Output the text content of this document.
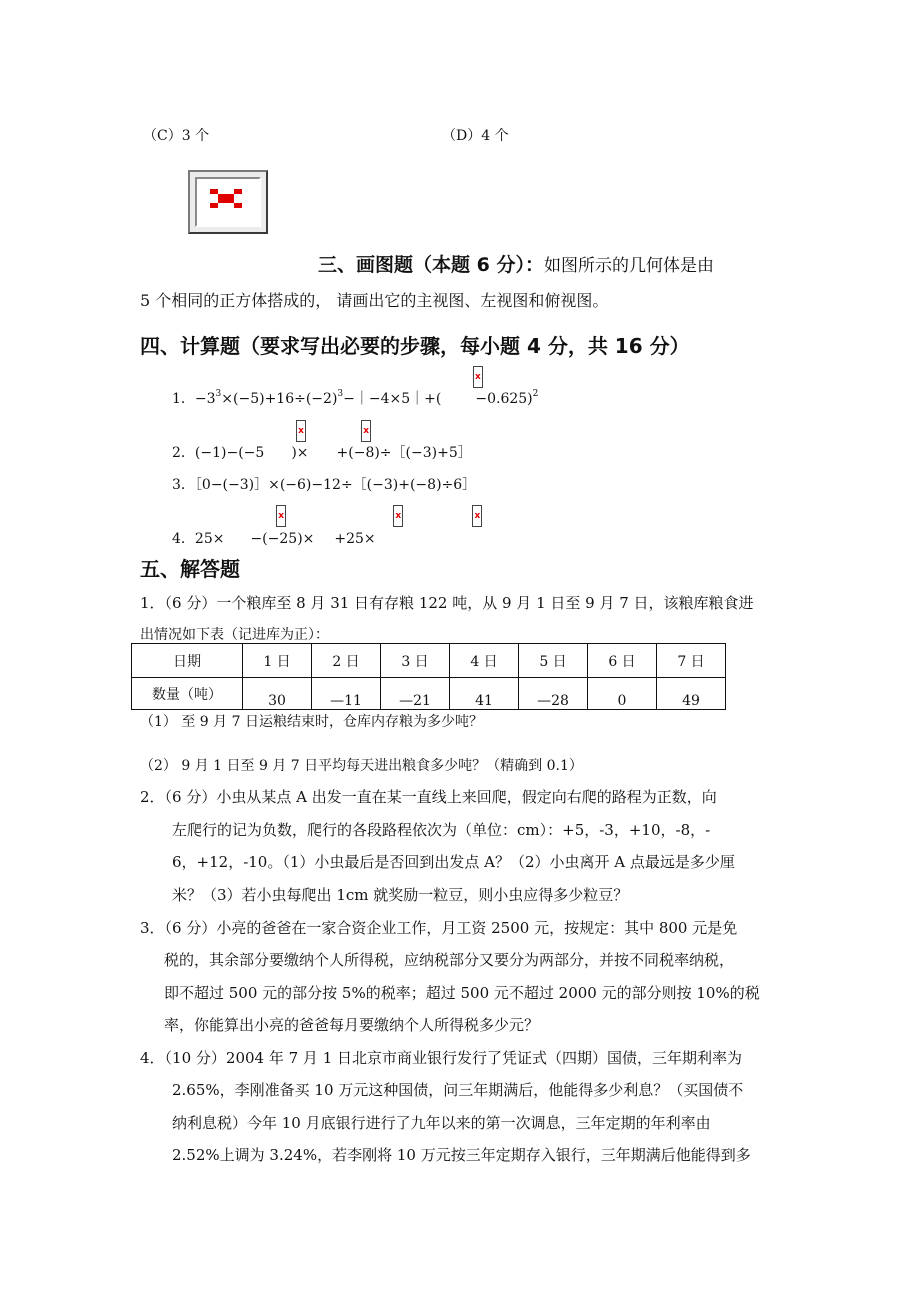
（C）3 个	（D）4 个
三、画图题（本题 6 分）：如图所示的几何体是由
5 个相同的正方体搭成的， 请画出它的主视图、左视图和俯视图。
四、计算题（要求写出必要的步骤，每小题 4 分，共 16 分）
1．$-3^3\times(-5)+16\div(-2)^3-|-4\times 5|+( -0.625)^2$
x
2．(−1)−(−5 )× +(−8)÷［(−3)+5］
x x
3．［0−(−3)］×(−6)−12÷［(−3)+(−8)÷6］
4．25× −(−25)× +25×
x x x
五、解答题
1．（6 分）一个粮库至 8 月 31 日有存粮 122 吨，从 9 月 1 日至 9 月 7 日，该粮库粮食进
出情况如下表（记进库为正）：
日期	1 日	2 日	3 日	4 日	5 日	6 日	7 日
数量（吨）	30	—11	—21	41	—28	0	49
（1） 至 9 月 7 日运粮结束时，仓库内存粮为多少吨？
（2） 9 月 1 日至 9 月 7 日平均每天进出粮食多少吨？（精确到 0.1）
2．（6 分）小虫从某点 A 出发一直在某一直线上来回爬，假定向右爬的路程为正数，向
左爬行的记为负数，爬行的各段路程依次为（单位：cm）：+5，-3，+10，-8，-
6，+12，-10。（1）小虫最后是否回到出发点 A？（2）小虫离开 A 点最远是多少厘
米？（3）若小虫每爬出 1cm 就奖励一粒豆，则小虫应得多少粒豆？
3．（6 分）小亮的爸爸在一家合资企业工作，月工资 2500 元，按规定：其中 800 元是免
税的，其余部分要缴纳个人所得税，应纳税部分又要分为两部分，并按不同税率纳税，
即不超过 500 元的部分按 5%的税率；超过 500 元不超过 2000 元的部分则按 10%的税
率，你能算出小亮的爸爸每月要缴纳个人所得税多少元？
4．（10 分）2004 年 7 月 1 日北京市商业银行发行了凭证式（四期）国债，三年期利率为
2.65%，李刚准备买 10 万元这种国债，问三年期满后，他能得多少利息？（买国债不
纳利息税）今年 10 月底银行进行了九年以来的第一次调息，三年定期的年利率由
2.52%上调为 3.24%，若李刚将 10 万元按三年定期存入银行，三年期满后他能得到多
